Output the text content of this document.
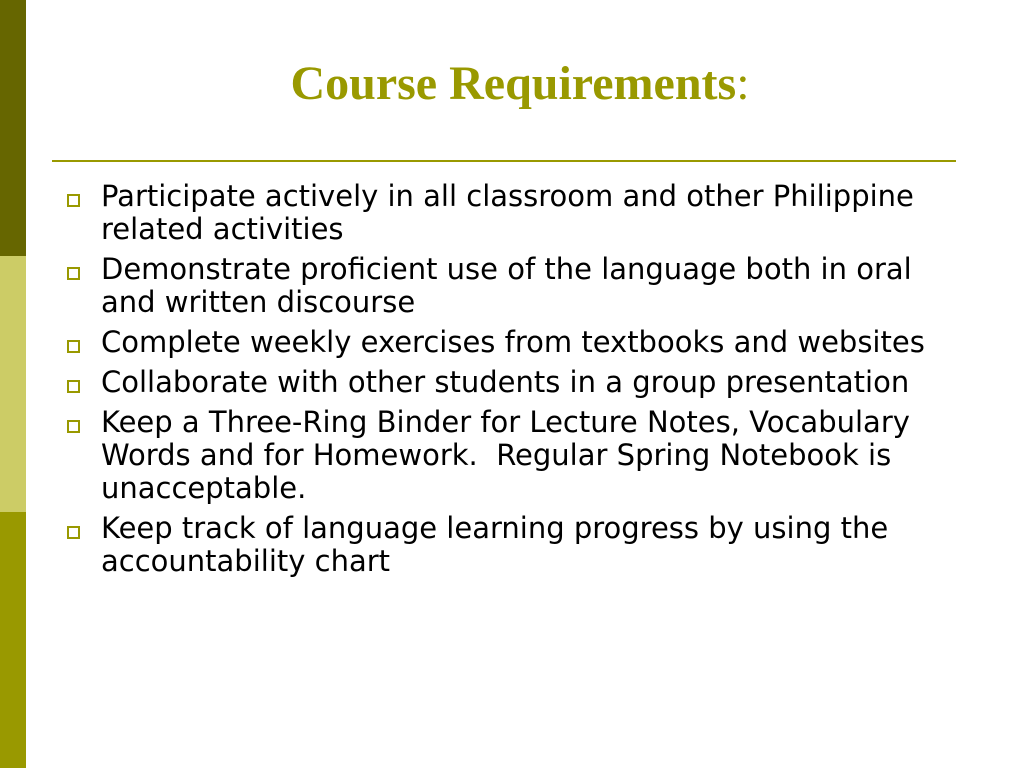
Course Requirements:
Participate actively in all classroom and other Philippine related activities
Demonstrate proficient use of the language both in oral and written discourse
Complete weekly exercises from textbooks and websites
Collaborate with other students in a group presentation
Keep a Three-Ring Binder for Lecture Notes, Vocabulary Words and for Homework.  Regular Spring Notebook is unacceptable.
Keep track of language learning progress by using the accountability chart
